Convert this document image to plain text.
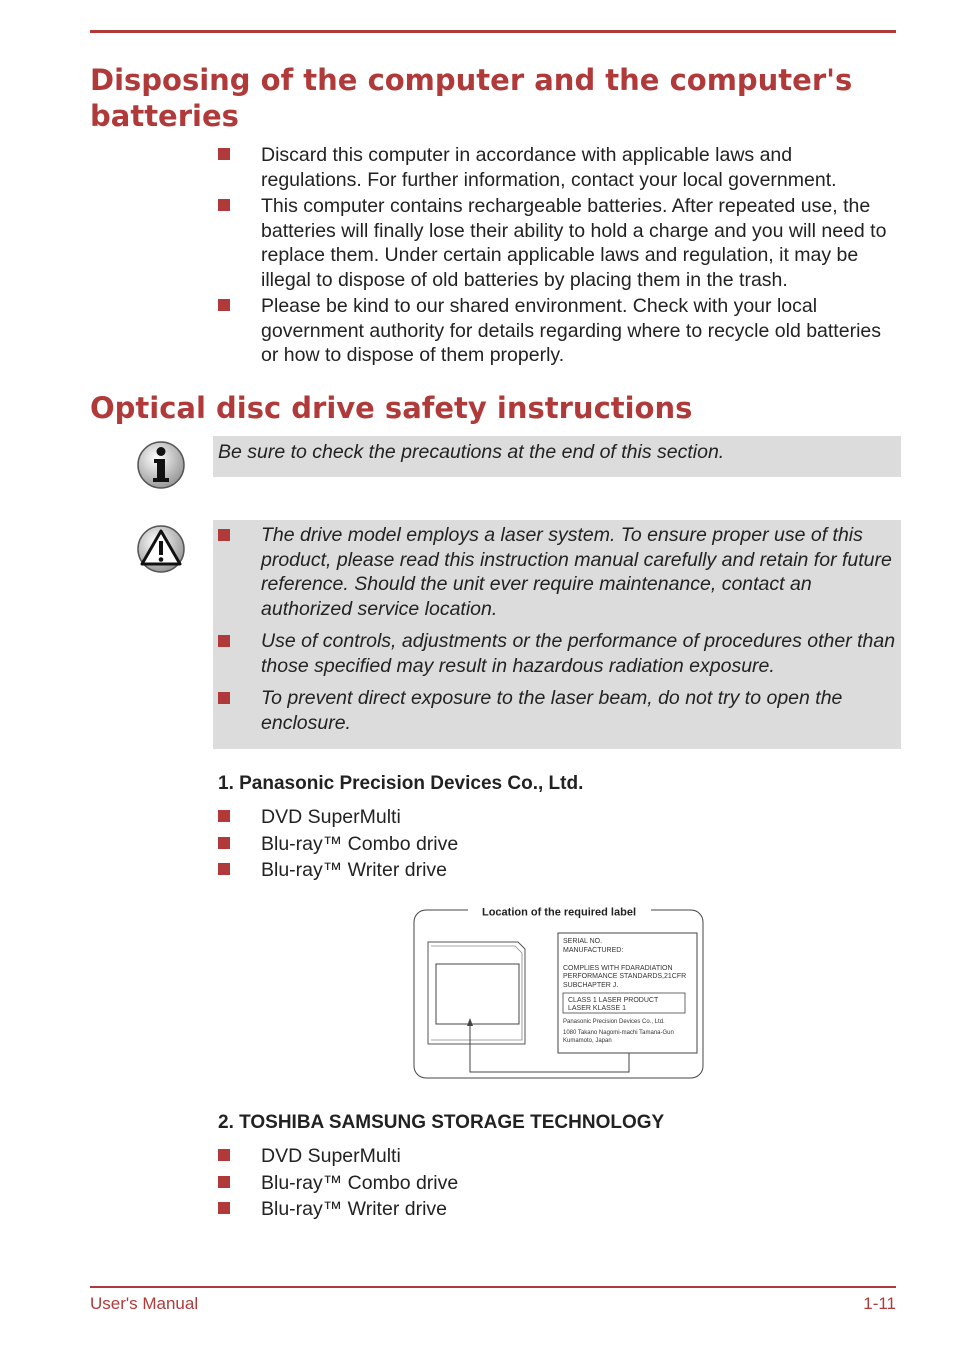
Disposing of the computer and the computer's batteries
Discard this computer in accordance with applicable laws and regulations. For further information, contact your local government.
This computer contains rechargeable batteries. After repeated use, the batteries will finally lose their ability to hold a charge and you will need to replace them. Under certain applicable laws and regulation, it may be illegal to dispose of old batteries by placing them in the trash.
Please be kind to our shared environment. Check with your local government authority for details regarding where to recycle old batteries or how to dispose of them properly.
Optical disc drive safety instructions

Be sure to check the precautions at the end of this section.

The drive model employs a laser system. To ensure proper use of this product, please read this instruction manual carefully and retain for future reference. Should the unit ever require maintenance, contact an authorized service location.
Use of controls, adjustments or the performance of procedures other than those specified may result in hazardous radiation exposure.
To prevent direct exposure to the laser beam, do not try to open the enclosure.
1. Panasonic Precision Devices Co., Ltd.
DVD SuperMulti
Blu-ray™ Combo drive
Blu-ray™ Writer drive
Location of the required label
SERIAL NO.
MANUFACTURED:
COMPLIES WITH FDARADIATION
PERFORMANCE STANDARDS,21CFR
SUBCHAPTER J.
CLASS 1 LASER PRODUCT
LASER KLASSE 1
Panasonic Precision Devices Co., Ltd.
1080 Takano Nagomi-machi Tamana-Gun
Kumamoto, Japan
2. TOSHIBA SAMSUNG STORAGE TECHNOLOGY
DVD SuperMulti
Blu-ray™ Combo drive
Blu-ray™ Writer drive
User's Manual	1-11
